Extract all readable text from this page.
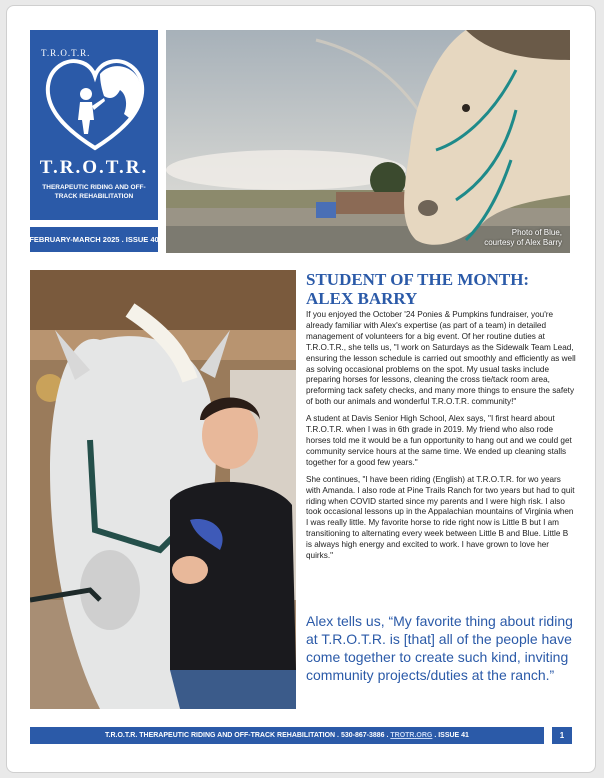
T.R.O.T.R.
T.R.O.T.R.
THERAPEUTIC RIDING AND OFF-TRACK REHABILITATION
FEBRUARY-MARCH 2025 . ISSUE 40
Photo of Blue,
courtesy of Alex Barry
STUDENT OF THE MONTH:
ALEX BARRY

If you enjoyed the October '24 Ponies & Pumpkins fundraiser, you're already familiar with Alex's expertise (as part of a team) in detailed management of volunteers for a big event. Of her routine duties at T.R.O.T.R., she tells us, "I work on Saturdays as the Sidewalk Team Lead, ensuring the lesson schedule is carried out smoothly and efficiently as well as solving occasional problems on the spot. My usual tasks include preparing horses for lessons, cleaning the cross tie/tack room area, preforming tack safety checks, and many more things to ensure the safety of both our animals and wonderful T.R.O.T.R. community!"

A student at Davis Senior High School, Alex says, "I first heard about T.R.O.T.R. when I was in 6th grade in 2019. My friend who also rode horses told me it would be a fun opportunity to hang out and we could get community service hours at the same time. We ended up cleaning stalls together for a good few years."

She continues, "I have been riding (English) at T.R.O.T.R. for wo years with Amanda. I also rode at Pine Trails Ranch for two years but had to quit riding when COVID started since my parents and I were high risk. I also took occasional lessons up in the Appalachian mountains of Virginia when I was really little. My favorite horse to ride right now is Little B but I am transitioning to alternating every week between Little B and Blue. Little B is always high energy and excited to work. I have grown to love her quirks."

Alex tells us, “My favorite thing about riding at T.R.O.T.R. is [that] all of the people have come together to create such kind, inviting community projects/duties at the ranch.”
T.R.O.T.R. THERAPEUTIC RIDING AND OFF-TRACK REHABILITATION . 530-867-3886 . TROTR.ORG . ISSUE 41	1
